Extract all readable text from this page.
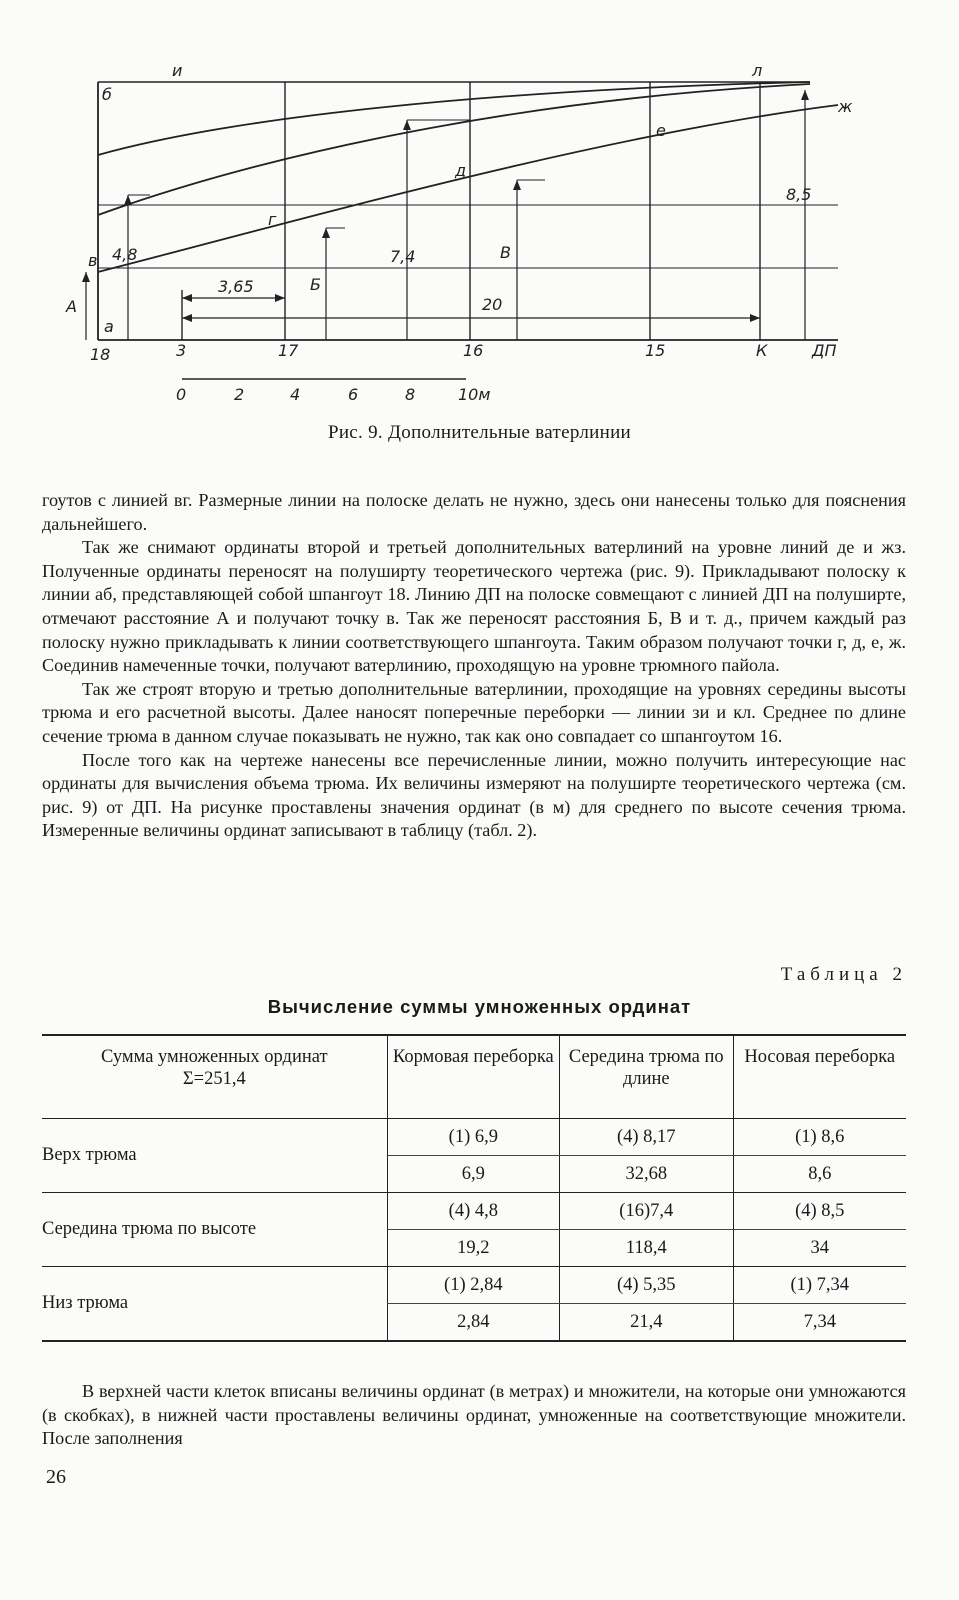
и	л
б
ж
е
д
г
в
а
А
4,8
3,65	Б
7,4	В
20
8,5
18	3	17	16	15	К	ДП
0	2	4	6	8	10м
Рис. 9. Дополнительные ватерлинии

гоутов с линией вг. Размерные линии на полоске делать не нужно, здесь они нанесены только для пояснения дальнейшего.

Так же снимают ординаты второй и третьей дополнительных ватерлиний на уровне линий де и жз. Полученные ординаты переносят на полуширту теоретического чертежа (рис. 9). Прикладывают полоску к линии аб, представляющей собой шпангоут 18. Линию ДП на полоске совмещают с линией ДП на полуширте, отмечают расстояние А и получают точку в. Так же переносят расстояния Б, В и т. д., причем каждый раз полоску нужно прикладывать к линии соответствующего шпангоута. Таким образом получают точки г, д, е, ж. Соединив намеченные точки, получают ватерлинию, проходящую на уровне трюмного пайола.

Так же строят вторую и третью дополнительные ватерлинии, проходящие на уровнях середины высоты трюма и его расчетной высоты. Далее наносят поперечные переборки — линии зи и кл. Среднее по длине сечение трюма в данном случае показывать не нужно, так как оно совпадает со шпангоутом 16.

После того как на чертеже нанесены все перечисленные линии, можно получить интересующие нас ординаты для вычисления объема трюма. Их величины измеряют на полуширте теоретического чертежа (см. рис. 9) от ДП. На рисунке проставлены значения ординат (в м) для среднего по высоте сечения трюма. Измеренные величины ординат записывают в таблицу (табл. 2).

Таблица 2
Вычисление суммы умноженных ординат
Сумма умноженных ординат
Σ=251,4	Кормовая переборка	Середина трюма по длине	Носовая переборка
Верх трюма	(1) 6,9	(4) 8,17	(1) 8,6
	6,9	32,68	8,6
Середина трюма по высоте	(4) 4,8	(16)7,4	(4) 8,5
	19,2	118,4	34
Низ трюма	(1) 2,84	(4) 5,35	(1) 7,34
	2,84	21,4	7,34

В верхней части клеток вписаны величины ординат (в метрах) и множители, на которые они умножаются (в скобках), в нижней части проставлены величины ординат, умноженные на соответствующие множители. После заполнения

26
